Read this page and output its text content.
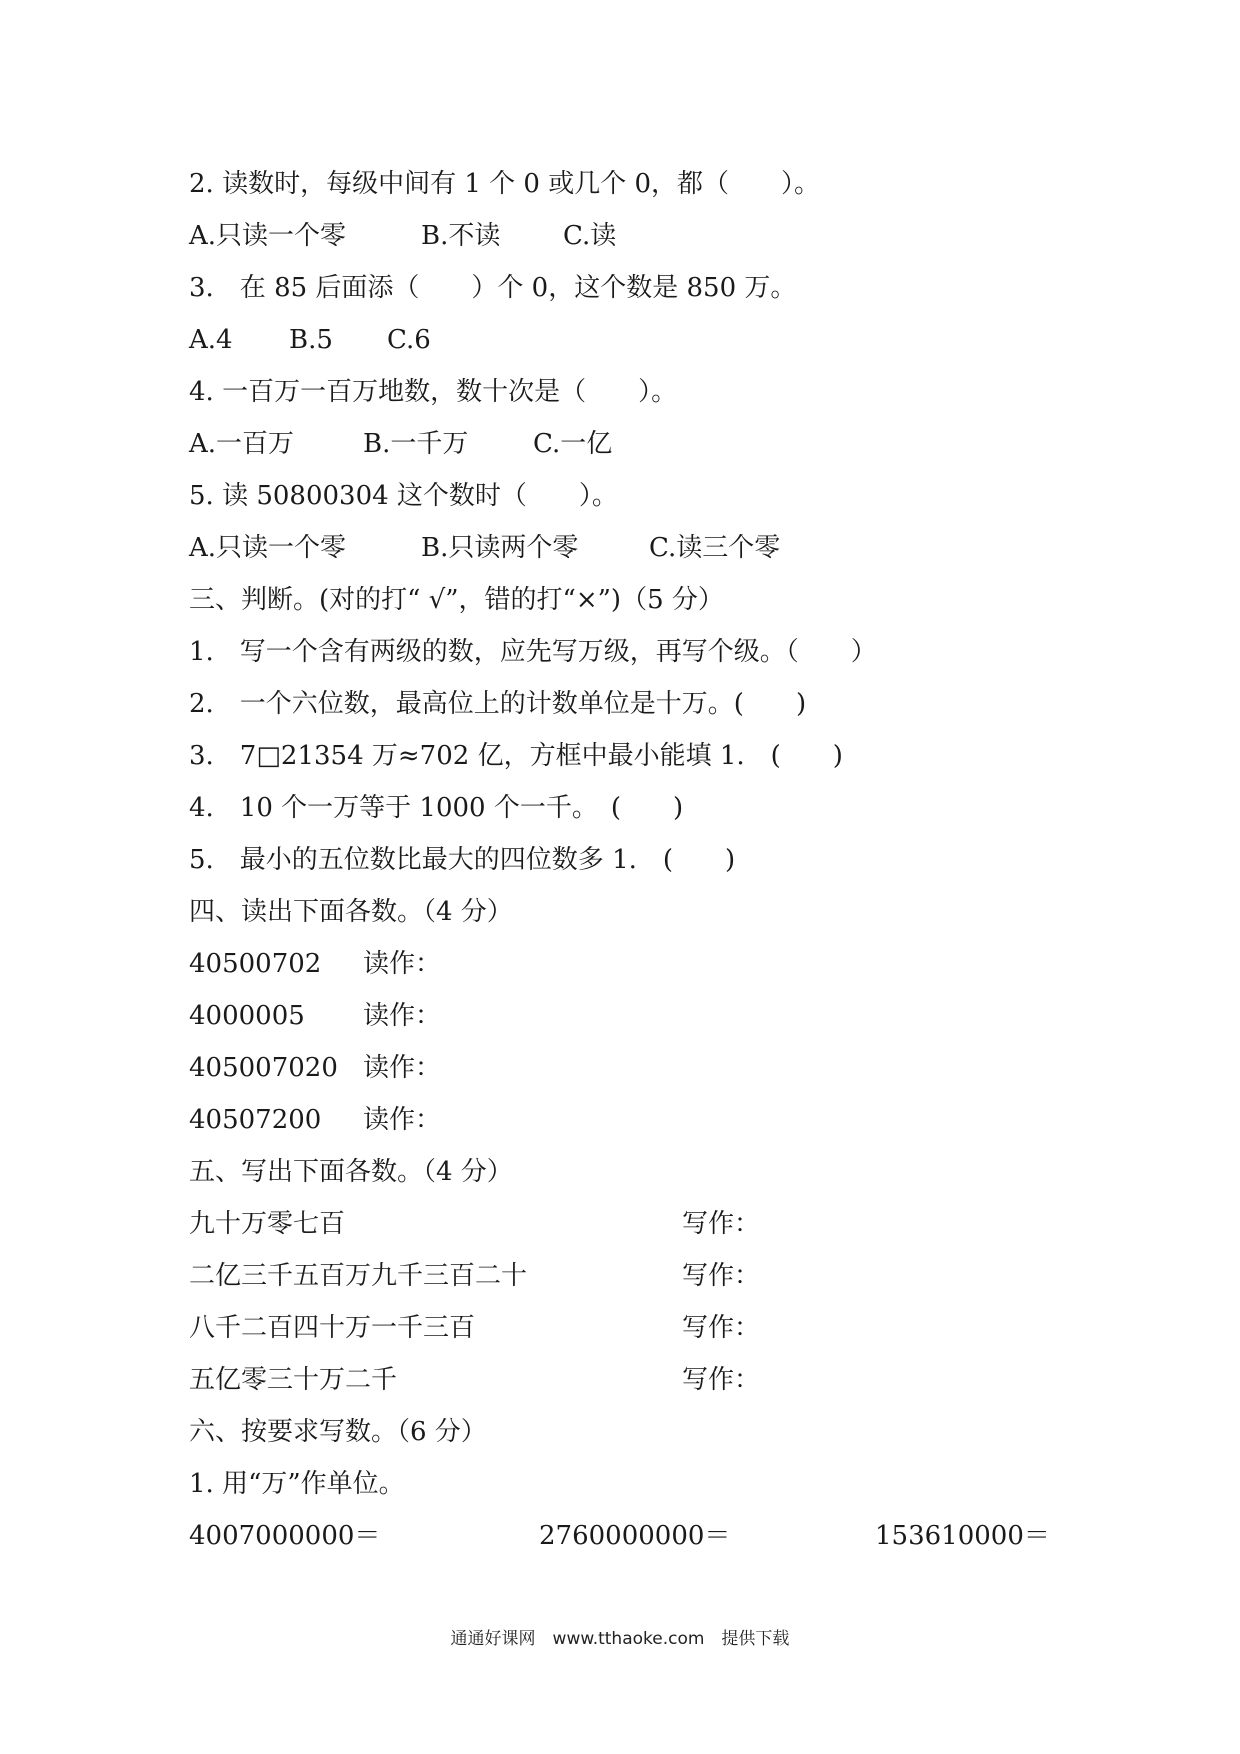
2. 读数时，每级中间有 1 个 0 或几个 0，都（　　）。
A.只读一个零	B.不读 C.读
3.　在 85 后面添（　　）个 0，这个数是 850 万。
A.4 B.5 C.6
4. 一百万一百万地数，数十次是（　　）。
A.一百万	B.一千万 C.一亿
5. 读 50800304 这个数时（　　）。
A.只读一个零	B.只读两个零	C.读三个零
三、判断。(对的打“ √”，错的打“×”)（5 分）
1.　写一个含有两级的数，应先写万级，再写个级。（　　）
2.　一个六位数，最高位上的计数单位是十万。(　　)
3.　7□21354 万≈702 亿，方框中最小能填 1.　(　　)
4.　10 个一万等于 1000 个一千。　(　　)
5.　最小的五位数比最大的四位数多 1.　(　　)
四、读出下面各数。（4 分）
40500702 读作：
4000005 读作：
405007020 读作：
40507200 读作：
五、写出下面各数。（4 分）
九十万零七百	写作：
二亿三千五百万九千三百二十	写作：
八千二百四十万一千三百	写作：
五亿零三十万二千	写作：
六、按要求写数。（6 分）
1. 用“万”作单位。
4007000000＝	2760000000＝	153610000＝
通通好课网　www.tthaoke.com　提供下载
